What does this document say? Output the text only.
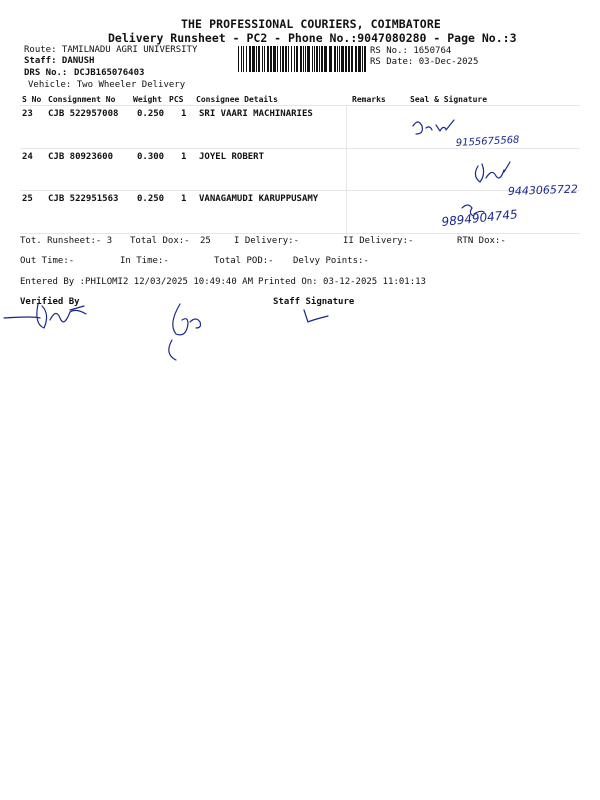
THE PROFESSIONAL COURIERS, COIMBATORE
Delivery Runsheet - PC2 - Phone No.:9047080280 - Page No.:3
Route: TAMILNADU AGRI UNIVERSITY
Staff: DANUSH
DRS No.: DCJB165076403
Vehicle: Two Wheeler Delivery
RS No.: 1650764
RS Date: 03-Dec-2025
S No Consignment No Weight PCS Consignee Details	Remarks	Seal & Signature
23 CJB 522957008 0.250 1 SRI VAARI MACHINARIES
24 CJB 80923600	0.300 1 JOYEL ROBERT
25 CJB 522951563 0.250 1 VANAGAMUDI KARUPPUSAMY
Tot. Runsheet:- 3 Total Dox:- 25	I Delivery:-	II Delivery:-	RTN Dox:-
Out Time:-	In Time:-	Total POD:- Delvy Points:-
Entered By :PHILOMI2 12/03/2025 10:49:40 AM Printed On: 03-12-2025 11:01:13
Verified By	Staff Signature
9155675568
9443065722
9894904745
